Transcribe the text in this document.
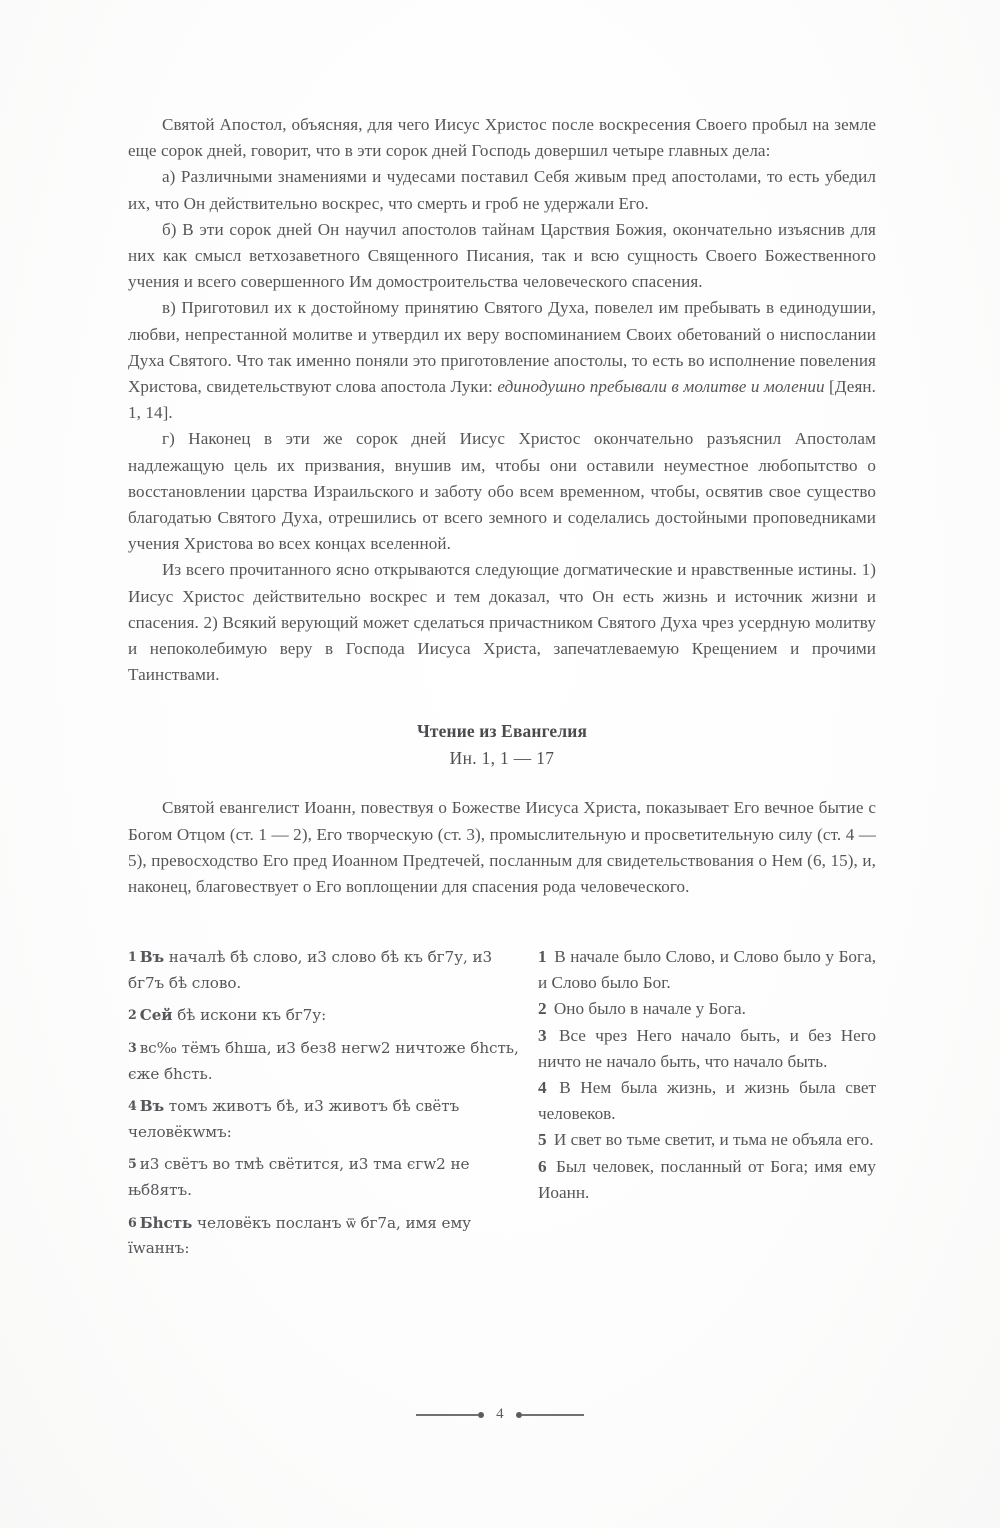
Святой Апостол, объясняя, для чего Иисус Христос после воскресения Своего пробыл на земле еще сорок дней, говорит, что в эти сорок дней Господь довершил четыре главных дела:

а) Различными знамениями и чудесами поставил Себя живым пред апостолами, то есть убедил их, что Он действительно воскрес, что смерть и гроб не удержали Его.

б) В эти сорок дней Он научил апостолов тайнам Царствия Божия, окончательно изъяснив для них как смысл ветхозаветного Священного Писания, так и всю сущность Своего Божественного учения и всего совершенного Им домостроительства человеческого спасения.

в) Приготовил их к достойному принятию Святого Духа, повелел им пребывать в единодушии, любви, непрестанной молитве и утвердил их веру воспоминанием Своих обетований о ниспослании Духа Святого. Что так именно поняли это приготовление апостолы, то есть во исполнение повеления Христова, свидетельствуют слова апостола Луки: единодушно пребывали в молитве и молении [Деян. 1, 14].

г) Наконец в эти же сорок дней Иисус Христос окончательно разъяснил Апостолам надлежащую цель их призвания, внушив им, чтобы они оставили неуместное любопытство о восстановлении царства Израильского и заботу обо всем временном, чтобы, освятив свое существо благодатью Святого Духа, отрешились от всего земного и соделались достойными проповедниками учения Христова во всех концах вселенной.

Из всего прочитанного ясно открываются следующие догматические и нравственные истины. 1) Иисус Христос действительно воскрес и тем доказал, что Он есть жизнь и источник жизни и спасения. 2) Всякий верующий может сделаться причастником Святого Духа чрез усердную молитву и непоколебимую веру в Господа Иисуса Христа, запечатлеваемую Крещением и прочими Таинствами.

Чтение из Евангелия
Ин. 1, 1 — 17

Святой евангелист Иоанн, повествуя о Божестве Иисуса Христа, показывает Его вечное бытие с Богом Отцом (ст. 1 — 2), Его творческую (ст. 3), промыслительную и просветительную силу (ст. 4 — 5), превосходство Его пред Иоанном Предтечей, посланным для свидетельствования о Нем (6, 15), и, наконец, благовествует о Его воплощении для спасения рода человеческого.

1 Въ начaлѣ бѣ слово, и3 слово бѣ къ бг7у, и3 бг7ъ бѣ слово.

2 Сей бѣ искони къ бг7у:

3 вс‰ тёмъ бhша, и3 без8 негw2 ничтоже бhсть, єже бhсть.

4 Въ томъ животъ бѣ, и3 животъ бѣ свётъ человёкwмъ:

5 и3 свётъ во тмѣ свётится, и3 тма єгw2 не њб8ятъ.

6 Бhсть человёкъ посланъ ѿ бг7а, имя ему їwаннъ:

1 В начале было Слово, и Слово было у Бога, и Слово было Бог.

2 Оно было в начале у Бога.

3 Все чрез Него начало быть, и без Него ничто не начало быть, что начало быть.

4 В Нем была жизнь, и жизнь была свет человеков.

5 И свет во тьме светит, и тьма не объяла его.

6 Был человек, посланный от Бога; имя ему Иоанн.

4
